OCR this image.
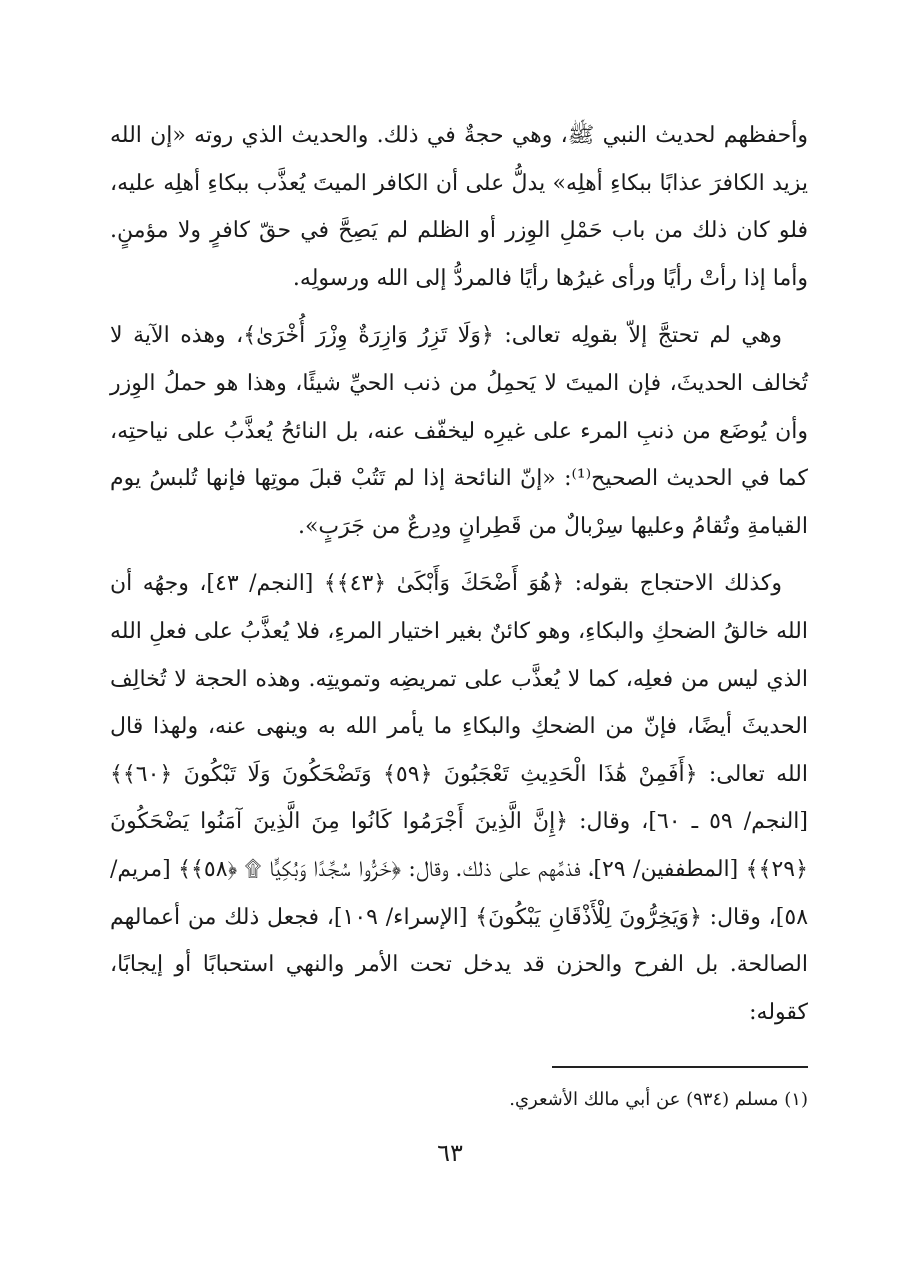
وأحفظهم لحديث النبي ﷺ، وهي حجةٌ في ذلك. والحديث الذي روته «إن الله يزيد الكافرَ عذابًا ببكاءِ أهلِه» يدلُّ على أن الكافر الميتَ يُعذَّب ببكاءِ أهلِه عليه، فلو كان ذلك من باب حَمْلِ الوِزر أو الظلم لم يَصِحَّ في حقّ كافرٍ ولا مؤمنٍ. وأما إذا رأتْ رأيًا ورأى غيرُها رأيًا فالمردُّ إلى الله ورسولِه.

وهي لم تحتجَّ إلاّ بقولِه تعالى: ﴿وَلَا تَزِرُ وَازِرَةٌ وِزْرَ أُخْرَىٰ﴾، وهذه الآية لا تُخالف الحديثَ، فإن الميتَ لا يَحمِلُ من ذنب الحيِّ شيئًا، وهذا هو حملُ الوِزر وأن يُوضَع من ذنبِ المرء على غيرِه ليخفّف عنه، بل النائحُ يُعذَّبُ على نياحتِه، كما في الحديث الصحيح⁽¹⁾: «إنّ النائحة إذا لم تَتُبْ قبلَ موتِها فإنها تُلبسُ يوم القيامةِ وتُقامُ وعليها سِرْبالٌ من قَطِرانٍ ودِرعٌ من جَرَبٍ».

وكذلك الاحتجاج بقوله: ﴿هُوَ أَضْحَكَ وَأَبْكَىٰ ﴿٤٣﴾﴾ [النجم/ ٤٣]، وجهُه أن الله خالقُ الضحكِ والبكاءِ، وهو كائنٌ بغير اختيار المرءِ، فلا يُعذَّبُ على فعلِ الله الذي ليس من فعلِه، كما لا يُعذَّب على تمريضِه وتمويتِه. وهذه الحجة لا تُخالِف الحديثَ أيضًا، فإنّ من الضحكِ والبكاءِ ما يأمر الله به وينهى عنه، ولهذا قال الله تعالى: ﴿أَفَمِنْ هَٰذَا الْحَدِيثِ تَعْجَبُونَ ﴿٥٩﴾ وَتَضْحَكُونَ وَلَا تَبْكُونَ ﴿٦٠﴾﴾ [النجم/ ٥٩ ـ ٦٠]، وقال: ﴿إِنَّ الَّذِينَ أَجْرَمُوا كَانُوا مِنَ الَّذِينَ آمَنُوا يَضْحَكُونَ ﴿٢٩﴾﴾ [المطففين/ ٢٩]، فذمَّهم على ذلك. وقال: ﴿خَرُّوا سُجَّدًا وَبُكِيًّا ۩ ﴿٥٨﴾﴾ [مريم/ ٥٨]، وقال: ﴿وَيَخِرُّونَ لِلْأَذْقَانِ يَبْكُونَ﴾ [الإسراء/ ١٠٩]، فجعل ذلك من أعمالهم الصالحة. بل الفرح والحزن قد يدخل تحت الأمر والنهي استحبابًا أو إيجابًا، كقوله:

(١) مسلم (٩٣٤) عن أبي مالك الأشعري.
٦٣
